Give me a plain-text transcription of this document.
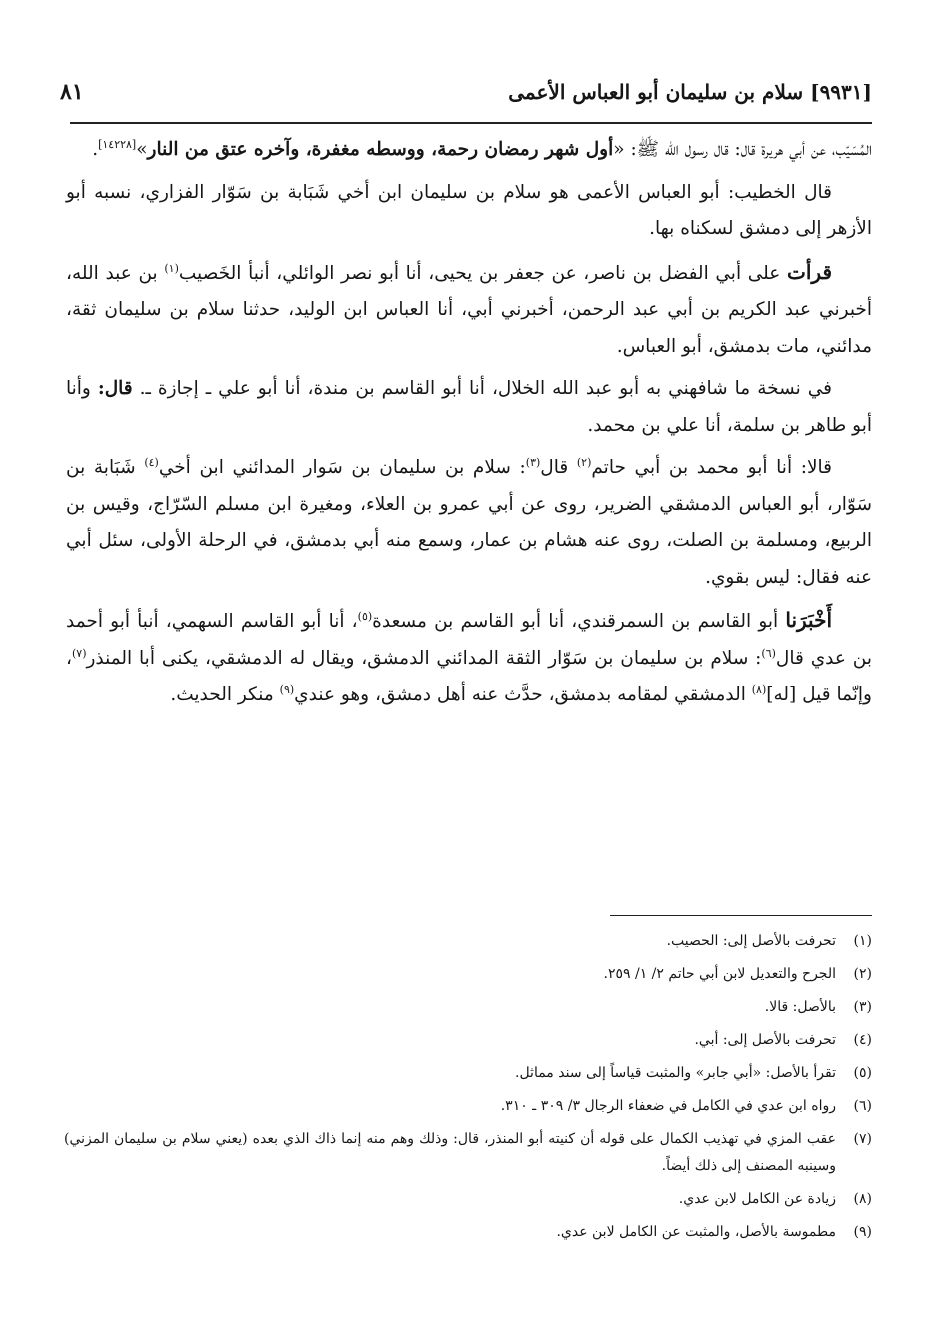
[٩٩٣١] سلام بن سليمان أبو العباس الأعمى
٨١

المُسَيّب، عن أبي هريرة قال: قال رسول الله ﷺ: «أول شهر رمضان رحمة، ووسطه مغفرة، وآخره عتق من النار»[١٤٢٢٨].

قال الخطيب: أبو العباس الأعمى هو سلام بن سليمان ابن أخي شَبَابة بن سَوّار الفزاري، نسبه أبو الأزهر إلى دمشق لسكناه بها.

قرأت على أبي الفضل بن ناصر، عن جعفر بن يحيى، أنا أبو نصر الوائلي، أنبأ الخَصيب$^{(١)}$ بن عبد الله، أخبرني عبد الكريم بن أبي عبد الرحمن، أخبرني أبي، أنا العباس ابن الوليد، حدثنا سلام بن سليمان ثقة، مدائني، مات بدمشق، أبو العباس.

في نسخة ما شافهني به أبو عبد الله الخلال، أنا أبو القاسم بن مندة، أنا أبو علي ـ إجازة ـ. قال: وأنا أبو طاهر بن سلمة، أنا علي بن محمد.

قالا: أنا أبو محمد بن أبي حاتم$^{(٢)}$ قال$^{(٣)}$: سلام بن سليمان بن سَوار المدائني ابن أخي$^{(٤)}$ شَبَابة بن سَوّار، أبو العباس الدمشقي الضرير، روى عن أبي عمرو بن العلاء، ومغيرة ابن مسلم السّرّاج، وقيس بن الربيع، ومسلمة بن الصلت، روى عنه هشام بن عمار، وسمع منه أبي بدمشق، في الرحلة الأولى، سئل أبي عنه فقال: ليس بقوي.

أَخْبَرَنا أبو القاسم بن السمرقندي، أنا أبو القاسم بن مسعدة$^{(٥)}$، أنا أبو القاسم السهمي، أنبأ أبو أحمد بن عدي قال$^{(٦)}$: سلام بن سليمان بن سَوّار الثقة المدائني الدمشق، ويقال له الدمشقي، يكنى أبا المنذر$^{(٧)}$، وإنّما قيل [له]$^{(٨)}$ الدمشقي لمقامه بدمشق، حدَّث عنه أهل دمشق، وهو عندي$^{(٩)}$ منكر الحديث.

(١)
تحرفت بالأصل إلى: الحصيب.
(٢)
الجرح والتعديل لابن أبي حاتم ٢/ ١/ ٢٥٩.
(٣)
بالأصل: قالا.
(٤)
تحرفت بالأصل إلى: أبي.
(٥)
تقرأ بالأصل: «أبي جابر» والمثبت قياساً إلى سند مماثل.
(٦)
رواه ابن عدي في الكامل في ضعفاء الرجال ٣/ ٣٠٩ ـ ٣١٠.
(٧)
عقب المزي في تهذيب الكمال على قوله أن كنيته أبو المنذر، قال: وذلك وهم منه إنما ذاك الذي بعده (يعني سلام بن سليمان المزني) وسينبه المصنف إلى ذلك أيضاً.
(٨)
زيادة عن الكامل لابن عدي.
(٩)
مطموسة بالأصل، والمثبت عن الكامل لابن عدي.
